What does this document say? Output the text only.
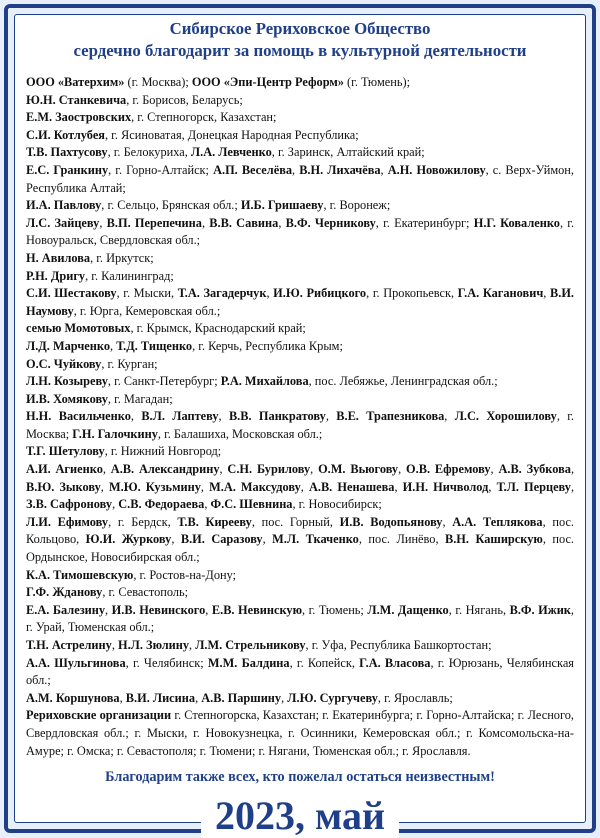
Сибирское Рериховское Общество

сердечно благодарит за помощь в культурной деятельности

ООО «Ватерхим» (г. Москва); ООО «Эпи-Центр Реформ» (г. Тюмень);

Ю.Н. Станкевича, г. Борисов, Беларусь;

Е.М. Заостровских, г. Степногорск, Казахстан;

С.И. Котлубея, г. Ясиноватая, Донецкая Народная Республика;

Т.В. Пахтусову, г. Белокуриха, Л.А. Левченко, г. Заринск, Алтайский край;

Е.С. Гранкину, г. Горно-Алтайск; А.П. Веселёва, В.Н. Лихачёва, А.Н. Новожилову, с. Верх-Уймон, Республика Алтай;

И.А. Павлову, г. Сельцо, Брянская обл.; И.Б. Гришаеву, г. Воронеж;

Л.С. Зайцеву, В.П. Перепечина, В.В. Савина, В.Ф. Черникову, г. Екатеринбург; Н.Г. Коваленко, г. Новоуральск, Свердловская обл.;

Н. Авилова, г. Иркутск;

Р.Н. Дригу, г. Калининград;

С.И. Шестакову, г. Мыски, Т.А. Загадерчук, И.Ю. Рибицкого, г. Прокопьевск, Г.А. Каганович, В.И. Наумову, г. Юрга, Кемеровская обл.;

семью Момотовых, г. Крымск, Краснодарский край;

Л.Д. Марченко, Т.Д. Тищенко, г. Керчь, Республика Крым;

О.С. Чуйкову, г. Курган;

Л.Н. Козыреву, г. Санкт-Петербург; Р.А. Михайлова, пос. Лебяжье, Ленинградская обл.;

И.В. Хомякову, г. Магадан;

Н.Н. Васильченко, В.Л. Лаптеву, В.В. Панкратову, В.Е. Трапезникова, Л.С. Хорошилову, г. Москва; Г.Н. Галочкину, г. Балашиха, Московская обл.;

Т.Г. Шетулову, г. Нижний Новгород;

А.И. Агиенко, А.В. Александрину, С.Н. Бурилову, О.М. Вьюгову, О.В. Ефремову, А.В. Зубкова, В.Ю. Зыкову, М.Ю. Кузьмину, М.А. Максудову, А.В. Ненашева, И.Н. Ничволод, Т.Л. Перцеву, З.В. Сафронову, С.В. Федораева, Ф.С. Шевнина, г. Новосибирск;

Л.И. Ефимову, г. Бердск, Т.В. Кирееву, пос. Горный, И.В. Водопьянову, А.А. Теплякова, пос. Кольцово, Ю.И. Журкову, В.И. Саразову, М.Л. Ткаченко, пос. Линёво, В.Н. Каширскую, пос. Ордынское, Новосибирская обл.;

К.А. Тимошевскую, г. Ростов-на-Дону;

Г.Ф. Жданову, г. Севастополь;

Е.А. Балезину, И.В. Невинского, Е.В. Невинскую, г. Тюмень; Л.М. Дащенко, г. Нягань, В.Ф. Ижик, г. Урай, Тюменская обл.;

Т.Н. Астрелину, Н.Л. Зюлину, Л.М. Стрельникову, г. Уфа, Республика Башкортостан;

А.А. Шульгинова, г. Челябинск; М.М. Балдина, г. Копейск, Г.А. Власова, г. Юрюзань, Челябинская обл.;

А.М. Коршунова, В.И. Лисина, А.В. Паршину, Л.Ю. Сургучеву, г. Ярославль;

Рериховские организации г. Степногорска, Казахстан; г. Екатеринбурга; г. Горно-Алтайска; г. Лесного, Свердловская обл.; г. Мыски, г. Новокузнецка, г. Осинники, Кемеровская обл.; г. Комсомольска-на-Амуре; г. Омска; г. Севастополя; г. Тюмени; г. Нягани, Тюменская обл.; г. Ярославля.

Благодарим также всех, кто пожелал остаться неизвестным!

2023, май
